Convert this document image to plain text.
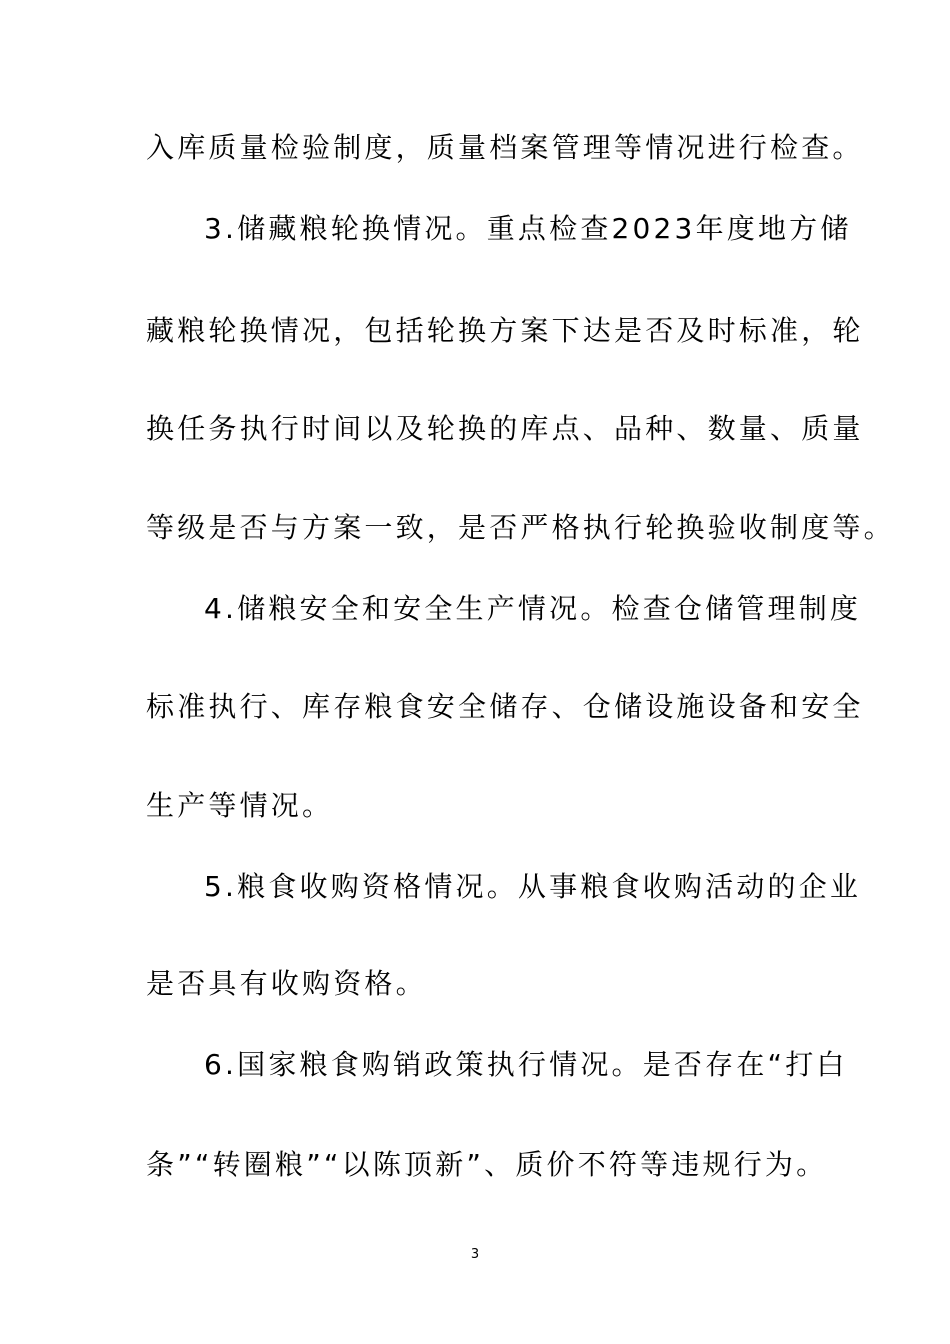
入库质量检验制度，质量档案管理等情况进行检查。
3.储藏粮轮换情况。重点检查2023年度地方储
藏粮轮换情况，包括轮换方案下达是否及时标准，轮
换任务执行时间以及轮换的库点、品种、数量、质量
等级是否与方案一致，是否严格执行轮换验收制度等。
4.储粮安全和安全生产情况。检查仓储管理制度
标准执行、库存粮食安全储存、仓储设施设备和安全
生产等情况。
5.粮食收购资格情况。从事粮食收购活动的企业
是否具有收购资格。
6.国家粮食购销政策执行情况。是否存在“打白
条”“转圈粮”“以陈顶新”、质价不符等违规行为。
3
